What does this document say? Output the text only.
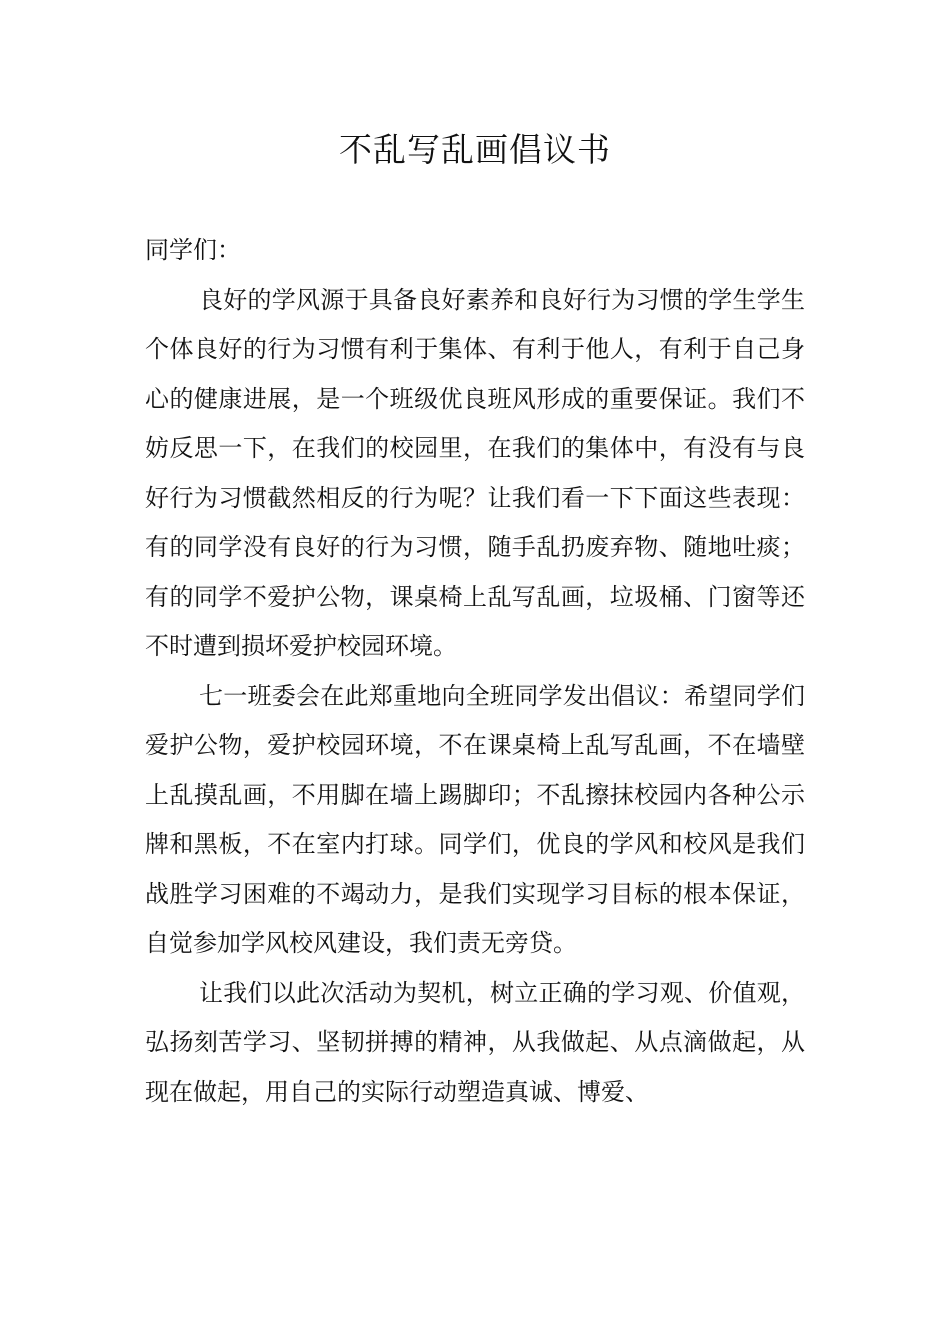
不乱写乱画倡议书

同学们：

良好的学风源于具备良好素养和良好行为习惯的学生学生个体良好的行为习惯有利于集体、有利于他人，有利于自己身心的健康进展，是一个班级优良班风形成的重要保证。我们不妨反思一下，在我们的校园里，在我们的集体中，有没有与良好行为习惯截然相反的行为呢？让我们看一下下面这些表现：有的同学没有良好的行为习惯，随手乱扔废弃物、随地吐痰；有的同学不爱护公物，课桌椅上乱写乱画，垃圾桶、门窗等还不时遭到损坏爱护校园环境。

七一班委会在此郑重地向全班同学发出倡议：希望同学们爱护公物，爱护校园环境，不在课桌椅上乱写乱画，不在墙壁上乱摸乱画，不用脚在墙上踢脚印；不乱擦抹校园内各种公示牌和黑板，不在室内打球。同学们，优良的学风和校风是我们战胜学习困难的不竭动力，是我们实现学习目标的根本保证，自觉参加学风校风建设，我们责无旁贷。

让我们以此次活动为契机，树立正确的学习观、价值观，弘扬刻苦学习、坚韧拼搏的精神，从我做起、从点滴做起，从现在做起，用自己的实际行动塑造真诚、博爱、
